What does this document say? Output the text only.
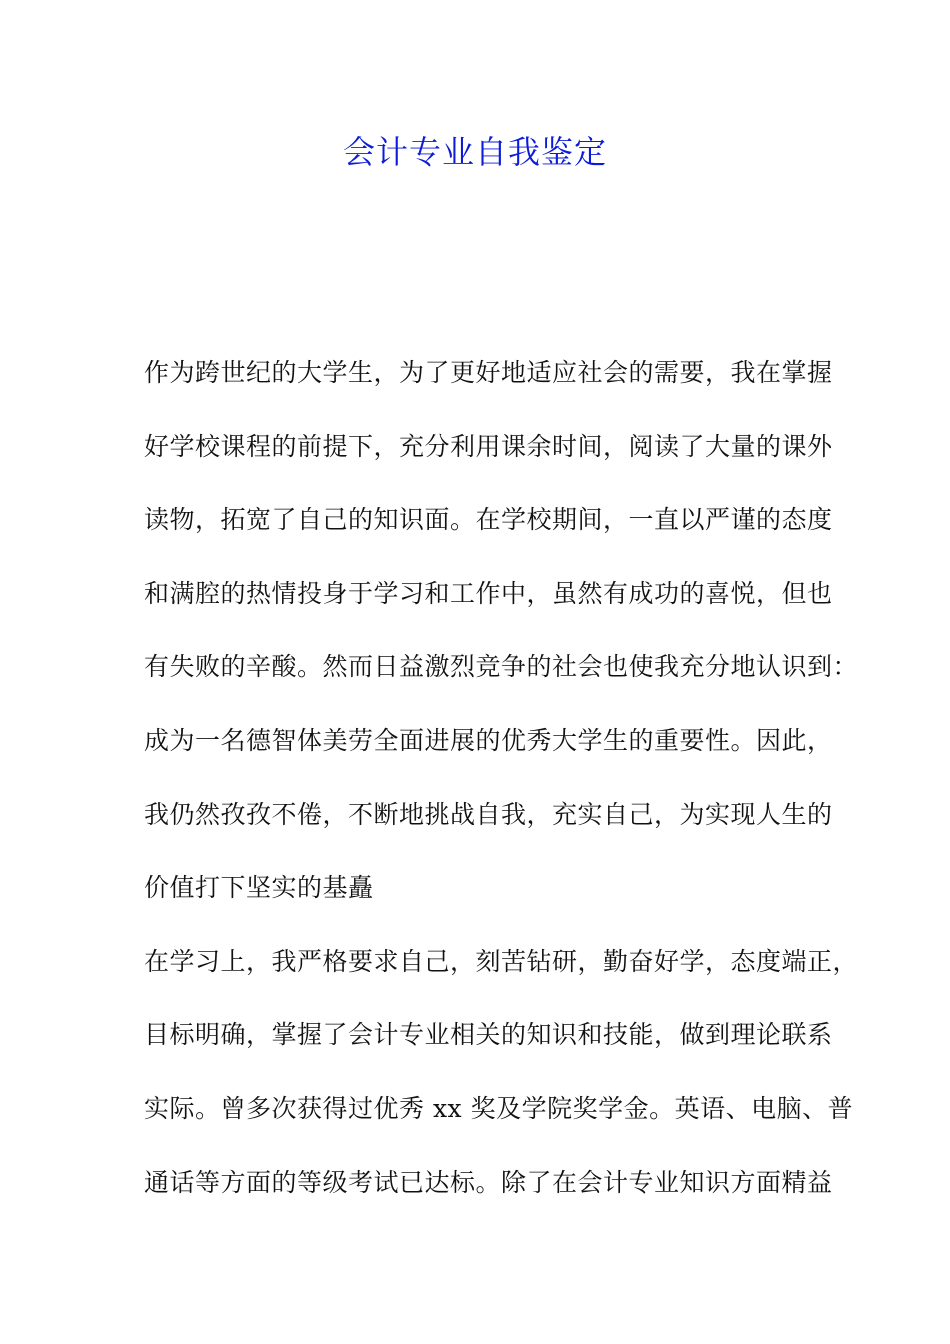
会计专业自我鉴定
作为跨世纪的大学生，为了更好地适应社会的需要，我在掌握
好学校课程的前提下，充分利用课余时间，阅读了大量的课外
读物，拓宽了自己的知识面。在学校期间，一直以严谨的态度
和满腔的热情投身于学习和工作中，虽然有成功的喜悦，但也
有失败的辛酸。然而日益激烈竞争的社会也使我充分地认识到：
成为一名德智体美劳全面进展的优秀大学生的重要性。因此，
我仍然孜孜不倦，不断地挑战自我，充实自己，为实现人生的
价值打下坚实的基矗
在学习上，我严格要求自己，刻苦钻研，勤奋好学，态度端正，
目标明确，掌握了会计专业相关的知识和技能，做到理论联系
实际。曾多次获得过优秀 xx 奖及学院奖学金。英语、电脑、普
通话等方面的等级考试已达标。除了在会计专业知识方面精益
